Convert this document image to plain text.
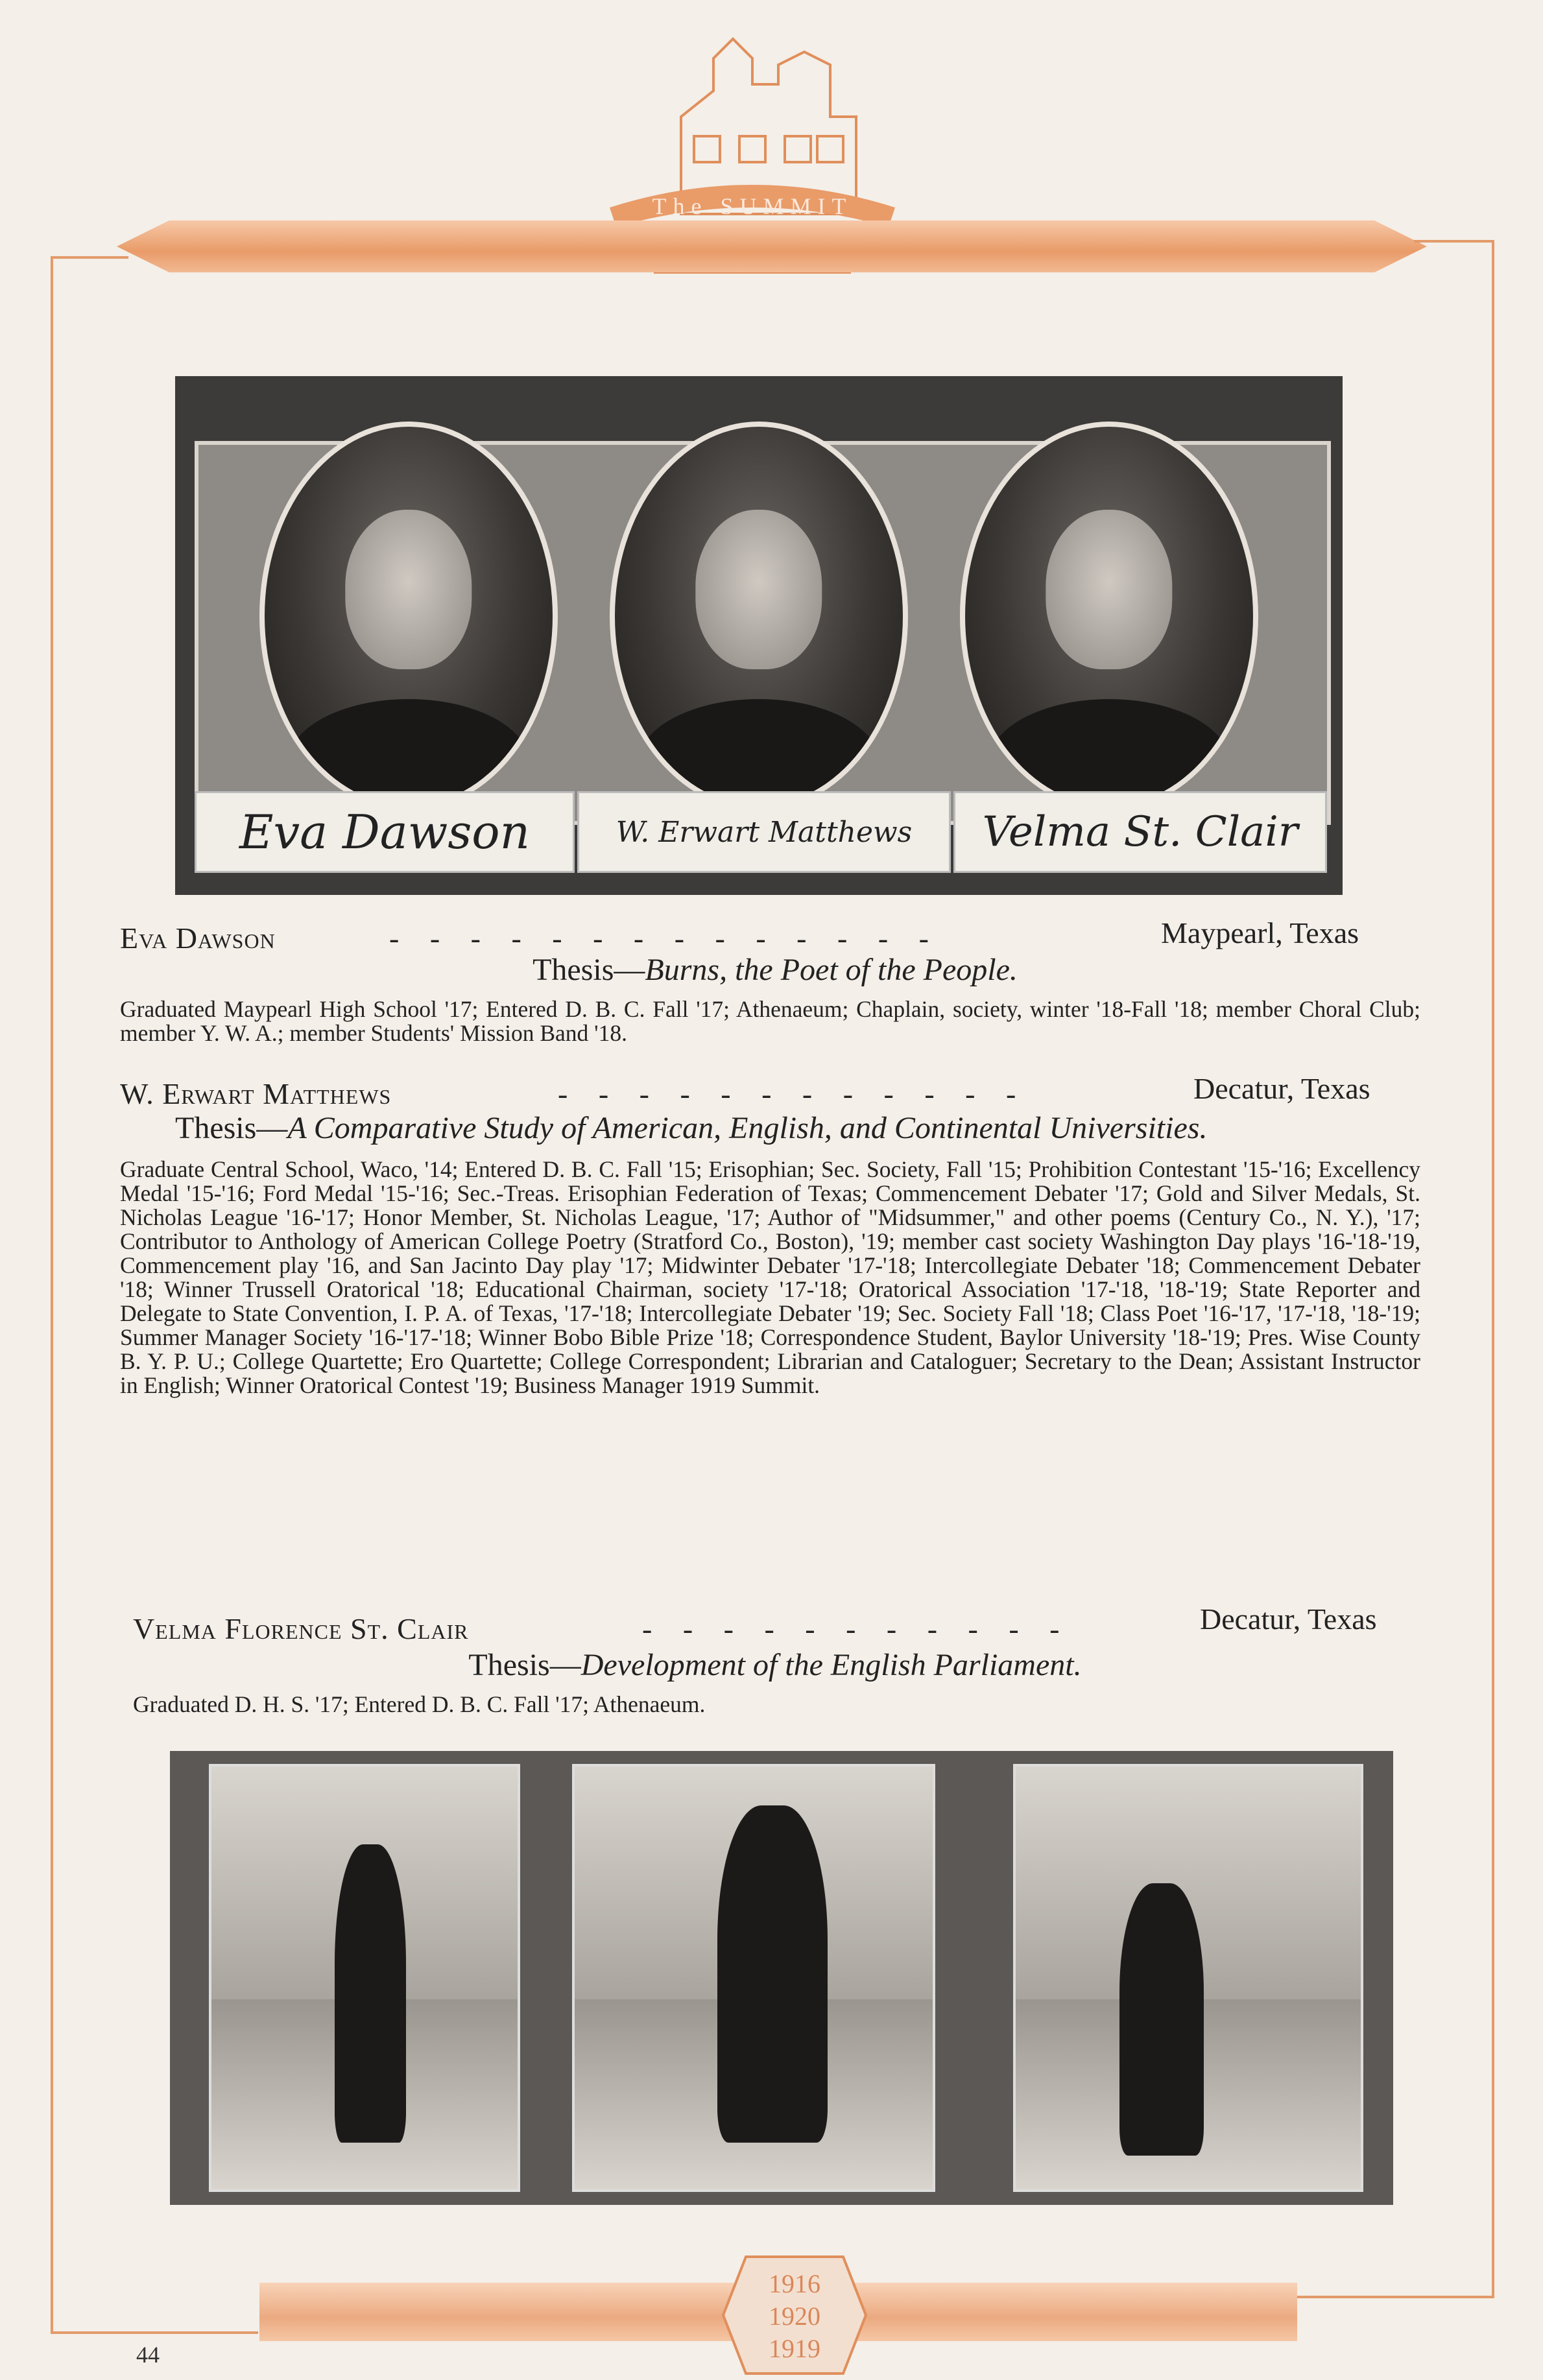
The SUMMIT
Eva Dawson	W. Erwart Matthews	Velma St. Clair
Eva Dawson	- - - - - - - - - - - - - -	Maypearl, Texas
Thesis—Burns, the Poet of the People.
Graduated Maypearl High School '17; Entered D. B. C. Fall '17; Athenaeum; Chaplain, society, winter '18-Fall '18; member Choral Club; member Y. W. A.; member Students' Mission Band '18.
W. Erwart Matthews	- - - - - - - - - - - -	Decatur, Texas
Thesis—A Comparative Study of American, English, and Continental Universities.
Graduate Central School, Waco, '14; Entered D. B. C. Fall '15; Erisophian; Sec. Society, Fall '15; Prohibition Contestant '15-'16; Excellency Medal '15-'16; Ford Medal '15-'16; Sec.-Treas. Erisophian Federation of Texas; Commencement Debater '17; Gold and Silver Medals, St. Nicholas League '16-'17; Honor Member, St. Nicholas League, '17; Author of "Midsummer," and other poems (Century Co., N. Y.), '17; Contributor to Anthology of American College Poetry (Stratford Co., Boston), '19; member cast society Washington Day plays '16-'18-'19, Commencement play '16, and San Jacinto Day play '17; Midwinter Debater '17-'18; Intercollegiate Debater '18; Commencement Debater '18; Winner Trussell Oratorical '18; Educational Chairman, society '17-'18; Oratorical Association '17-'18, '18-'19; State Reporter and Delegate to State Convention, I. P. A. of Texas, '17-'18; Intercollegiate Debater '19; Sec. Society Fall '18; Class Poet '16-'17, '17-'18, '18-'19; Summer Manager Society '16-'17-'18; Winner Bobo Bible Prize '18; Correspondence Student, Baylor University '18-'19; Pres. Wise County B. Y. P. U.; College Quartette; Ero Quartette; College Correspondent; Librarian and Cataloguer; Secretary to the Dean; Assistant Instructor in English; Winner Oratorical Contest '19; Business Manager 1919 Summit.
Velma Florence St. Clair	- - - - - - - - - - -	Decatur, Texas
Thesis—Development of the English Parliament.
Graduated D. H. S. '17; Entered D. B. C. Fall '17; Athenaeum.
1916
1920
1919
44
